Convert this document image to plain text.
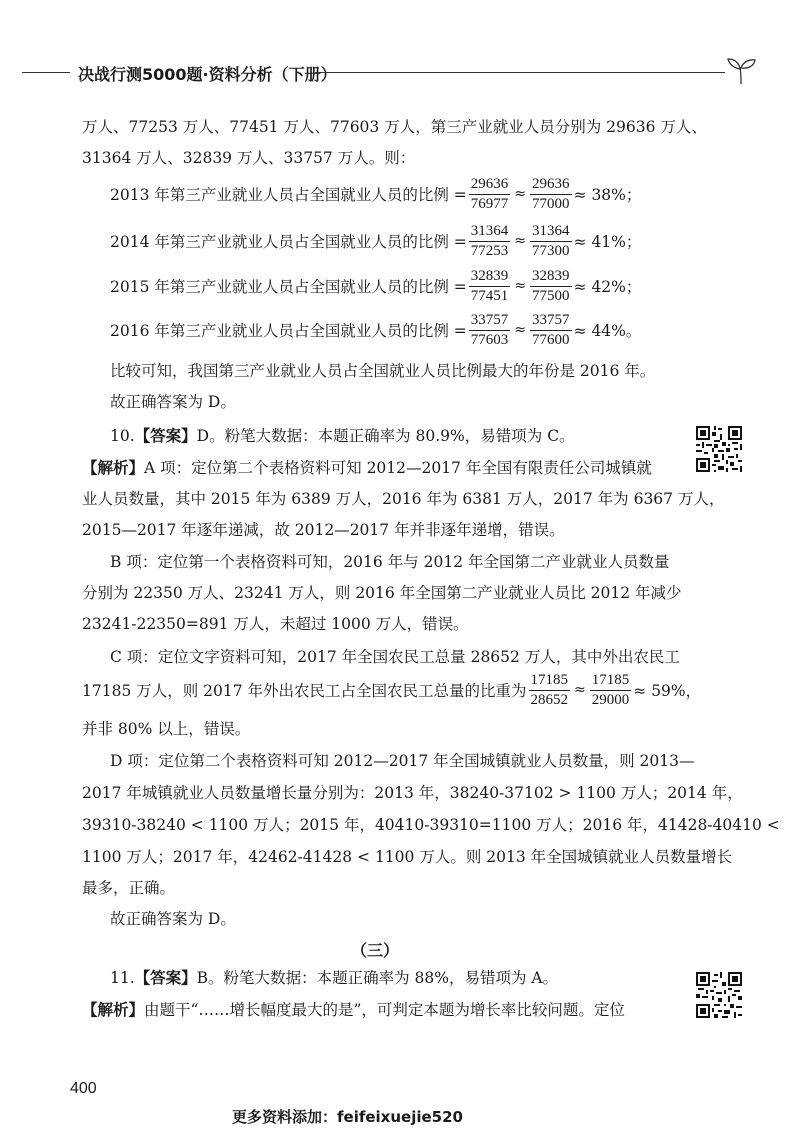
决战行测5000题·资料分析（下册）
万人、77253 万人、77451 万人、77603 万人，第三产业就业人员分别为 29636 万人、
31364 万人、32839 万人、33757 万人。则：
2013 年第三产业就业人员占全国就业人员的比例 = $\frac{29636}{76977} \approx \frac{29636}{77000} \approx 38\%$；
2014 年第三产业就业人员占全国就业人员的比例 = $\frac{31364}{77253} \approx \frac{31364}{77300} \approx 41\%$；
2015 年第三产业就业人员占全国就业人员的比例 = $\frac{32839}{77451} \approx \frac{32839}{77500} \approx 42\%$；
2016 年第三产业就业人员占全国就业人员的比例 = $\frac{33757}{77603} \approx \frac{33757}{77600} \approx 44\%$。
比较可知，我国第三产业就业人员占全国就业人员比例最大的年份是 2016 年。
故正确答案为 D。
10.【答案】D。粉笔大数据：本题正确率为 80.9%，易错项为 C。
【解析】A 项：定位第二个表格资料可知 2012—2017 年全国有限责任公司城镇就
业人员数量，其中 2015 年为 6389 万人，2016 年为 6381 万人，2017 年为 6367 万人，
2015—2017 年逐年递减，故 2012—2017 年并非逐年递增，错误。
B 项：定位第一个表格资料可知，2016 年与 2012 年全国第二产业就业人员数量
分别为 22350 万人、23241 万人，则 2016 年全国第二产业就业人员比 2012 年减少
23241-22350=891 万人，未超过 1000 万人，错误。
C 项：定位文字资料可知，2017 年全国农民工总量 28652 万人，其中外出农民工
17185 万人，则 2017 年外出农民工占全国农民工总量的比重为 $\frac{17185}{28652} \approx \frac{17185}{29000} \approx 59\%$，
并非 80% 以上，错误。
D 项：定位第二个表格资料可知 2012—2017 年全国城镇就业人员数量，则 2013—
2017 年城镇就业人员数量增长量分别为：2013 年，38240-37102 > 1100 万人；2014 年，
39310-38240 < 1100 万人；2015 年，40410-39310=1100 万人；2016 年，41428-40410 <
1100 万人；2017 年，42462-41428 < 1100 万人。则 2013 年全国城镇就业人员数量增长
最多，正确。
故正确答案为 D。
（三）
11.【答案】B。粉笔大数据：本题正确率为 88%，易错项为 A。
【解析】由题干“……增长幅度最大的是”，可判定本题为增长率比较问题。定位
400
更多资料添加：feifeixuejie520
